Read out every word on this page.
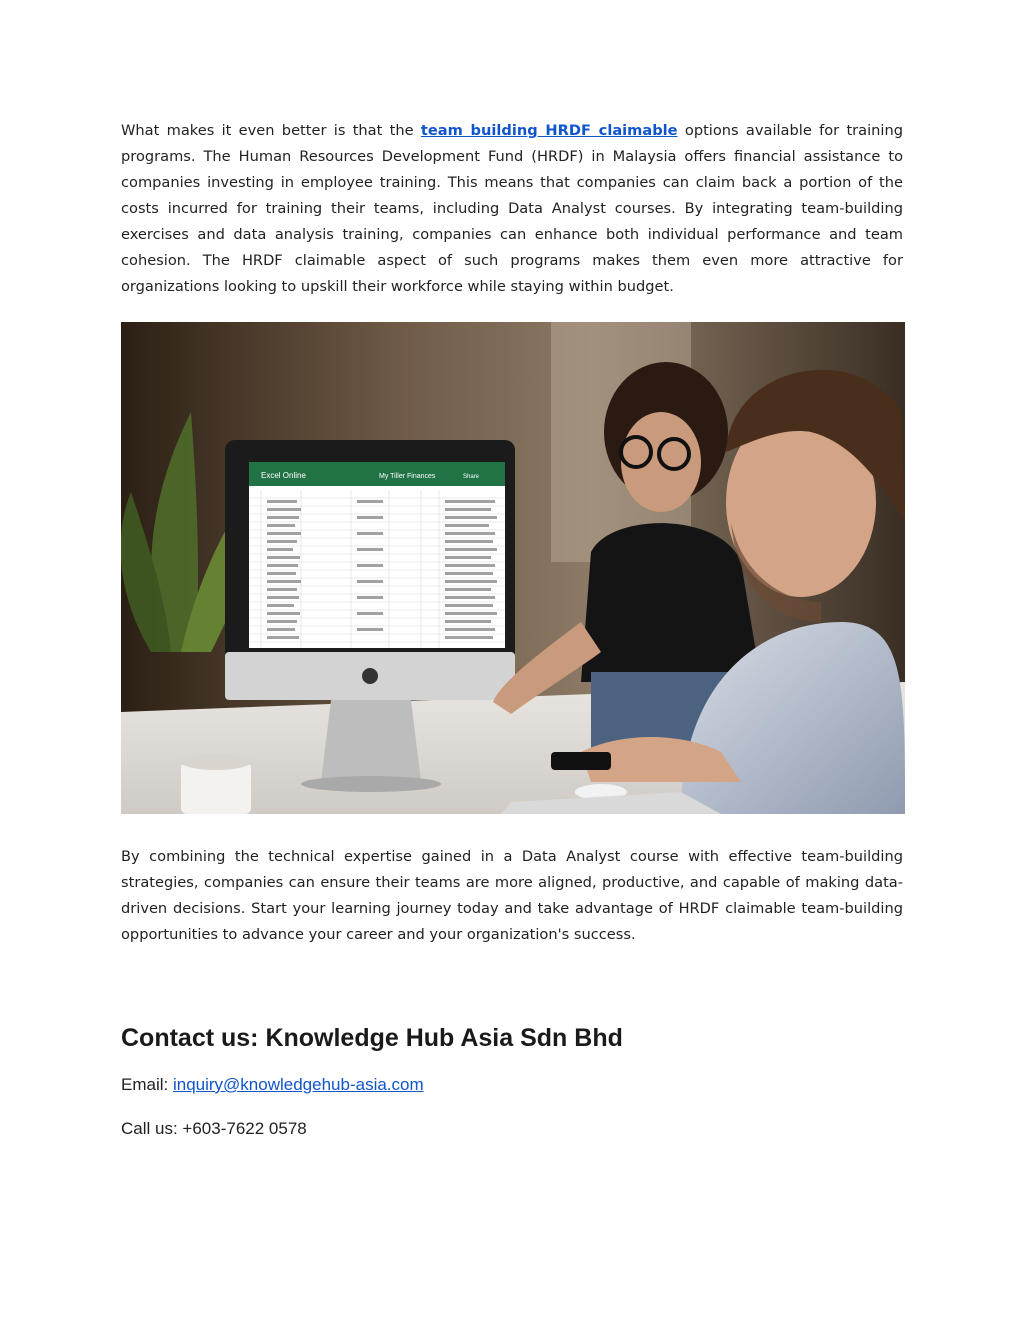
What makes it even better is that the team building HRDF claimable options available for training programs. The Human Resources Development Fund (HRDF) in Malaysia offers financial assistance to companies investing in employee training. This means that companies can claim back a portion of the costs incurred for training their teams, including Data Analyst courses. By integrating team-building exercises and data analysis training, companies can enhance both individual performance and team cohesion. The HRDF claimable aspect of such programs makes them even more attractive for organizations looking to upskill their workforce while staying within budget.

Excel Online	My Tiller Finances	Share

By combining the technical expertise gained in a Data Analyst course with effective team-building strategies, companies can ensure their teams are more aligned, productive, and capable of making data-driven decisions. Start your learning journey today and take advantage of HRDF claimable team-building opportunities to advance your career and your organization's success.

Contact us: Knowledge Hub Asia Sdn Bhd

Email: inquiry@knowledgehub-asia.com

Call us: +603-7622 0578
